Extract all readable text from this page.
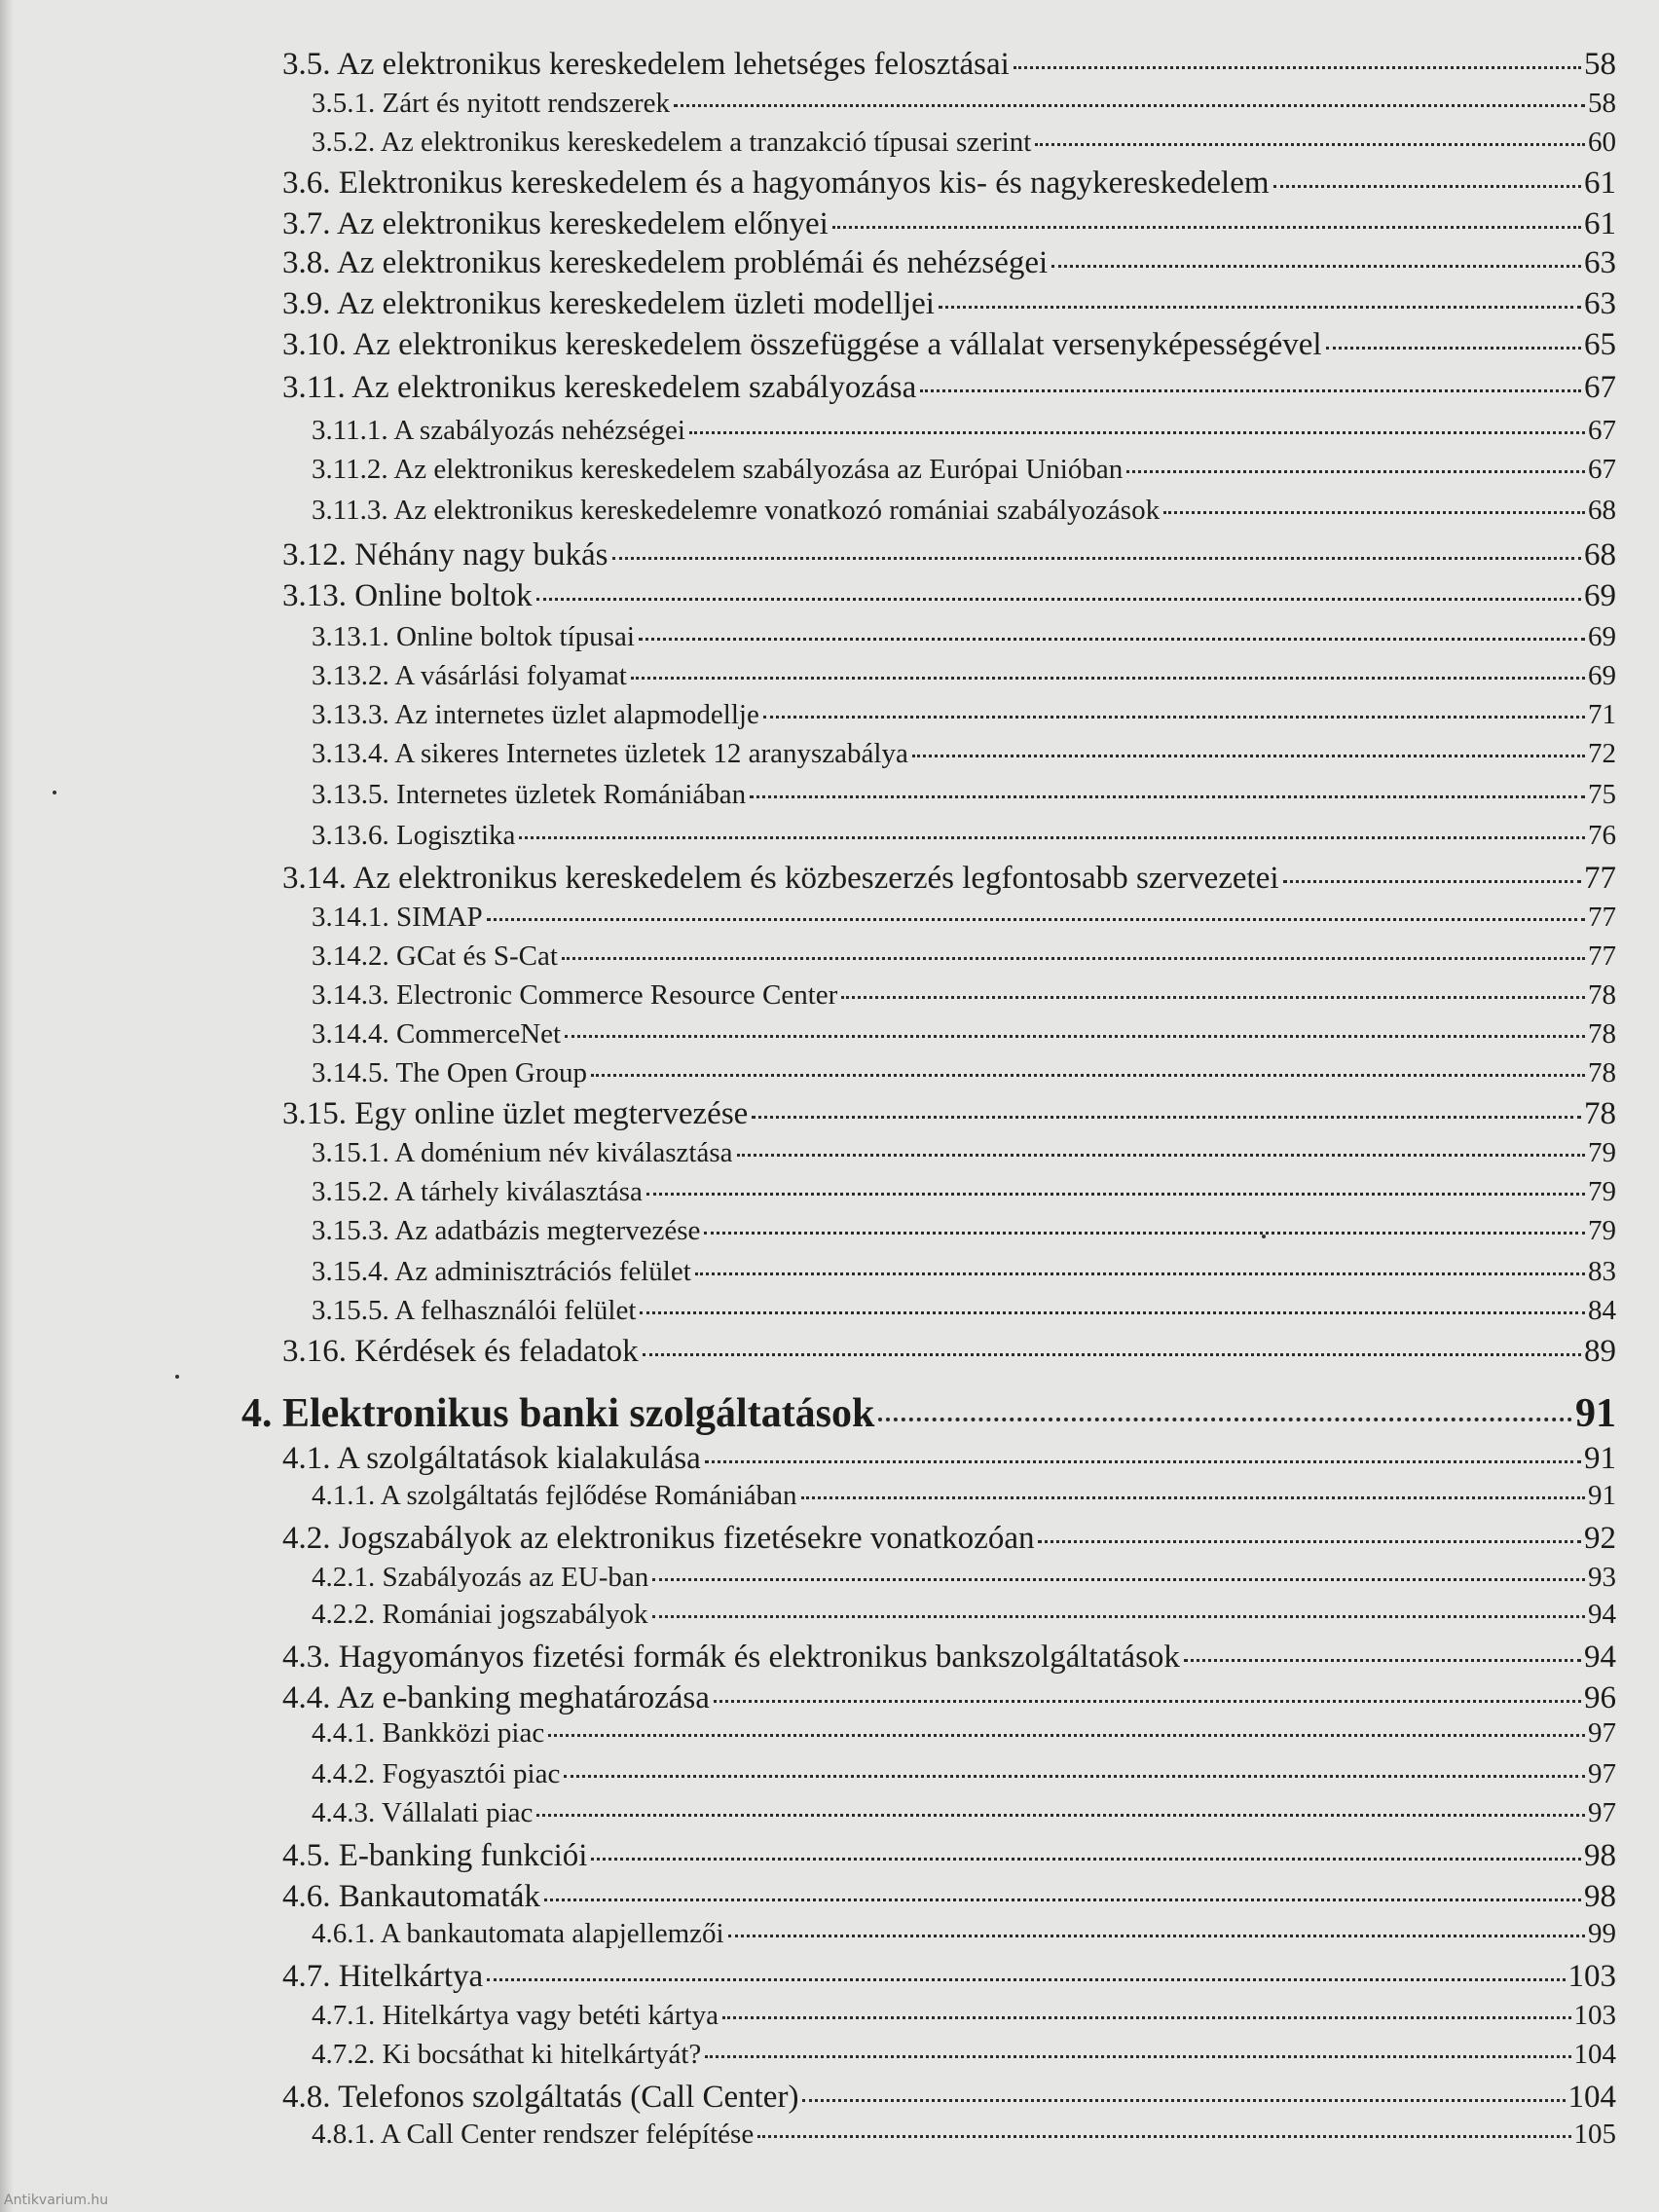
3.5. Az elektronikus kereskedelem lehetséges felosztásai	58
3.5.1. Zárt és nyitott rendszerek	58
3.5.2. Az elektronikus kereskedelem a tranzakció típusai szerint	60
3.6. Elektronikus kereskedelem és a hagyományos kis- és nagykereskedelem	61
3.7. Az elektronikus kereskedelem előnyei	61
3.8. Az elektronikus kereskedelem problémái és nehézségei	63
3.9. Az elektronikus kereskedelem üzleti modelljei	63
3.10. Az elektronikus kereskedelem összefüggése a vállalat versenyképességével	65
3.11. Az elektronikus kereskedelem szabályozása	67
3.11.1. A szabályozás nehézségei	67
3.11.2. Az elektronikus kereskedelem szabályozása az Európai Unióban	67
3.11.3. Az elektronikus kereskedelemre vonatkozó romániai szabályozások	68
3.12. Néhány nagy bukás	68
3.13. Online boltok	69
3.13.1. Online boltok típusai	69
3.13.2. A vásárlási folyamat	69
3.13.3. Az internetes üzlet alapmodellje	71
3.13.4. A sikeres Internetes üzletek 12 aranyszabálya	72
3.13.5. Internetes üzletek Romániában	75
3.13.6. Logisztika	76
3.14. Az elektronikus kereskedelem és közbeszerzés legfontosabb szervezetei	77
3.14.1. SIMAP	77
3.14.2. GCat és S-Cat	77
3.14.3. Electronic Commerce Resource Center	78
3.14.4. CommerceNet	78
3.14.5. The Open Group	78
3.15. Egy online üzlet megtervezése	78
3.15.1. A doménium név kiválasztása	79
3.15.2. A tárhely kiválasztása	79
3.15.3. Az adatbázis megtervezése	79
3.15.4. Az adminisztrációs felület	83
3.15.5. A felhasználói felület	84
3.16. Kérdések és feladatok	89
4. Elektronikus banki szolgáltatások	91
4.1. A szolgáltatások kialakulása	91
4.1.1. A szolgáltatás fejlődése Romániában	91
4.2. Jogszabályok az elektronikus fizetésekre vonatkozóan	92
4.2.1. Szabályozás az EU-ban	93
4.2.2. Romániai jogszabályok	94
4.3. Hagyományos fizetési formák és elektronikus bankszolgáltatások	94
4.4. Az e-banking meghatározása	96
4.4.1. Bankközi piac	97
4.4.2. Fogyasztói piac	97
4.4.3. Vállalati piac	97
4.5. E-banking funkciói	98
4.6. Bankautomaták	98
4.6.1. A bankautomata alapjellemzői	99
4.7. Hitelkártya	103
4.7.1. Hitelkártya vagy betéti kártya	103
4.7.2. Ki bocsáthat ki hitelkártyát?	104
4.8. Telefonos szolgáltatás (Call Center)	104
4.8.1. A Call Center rendszer felépítése	105
Antikvarium.hu
